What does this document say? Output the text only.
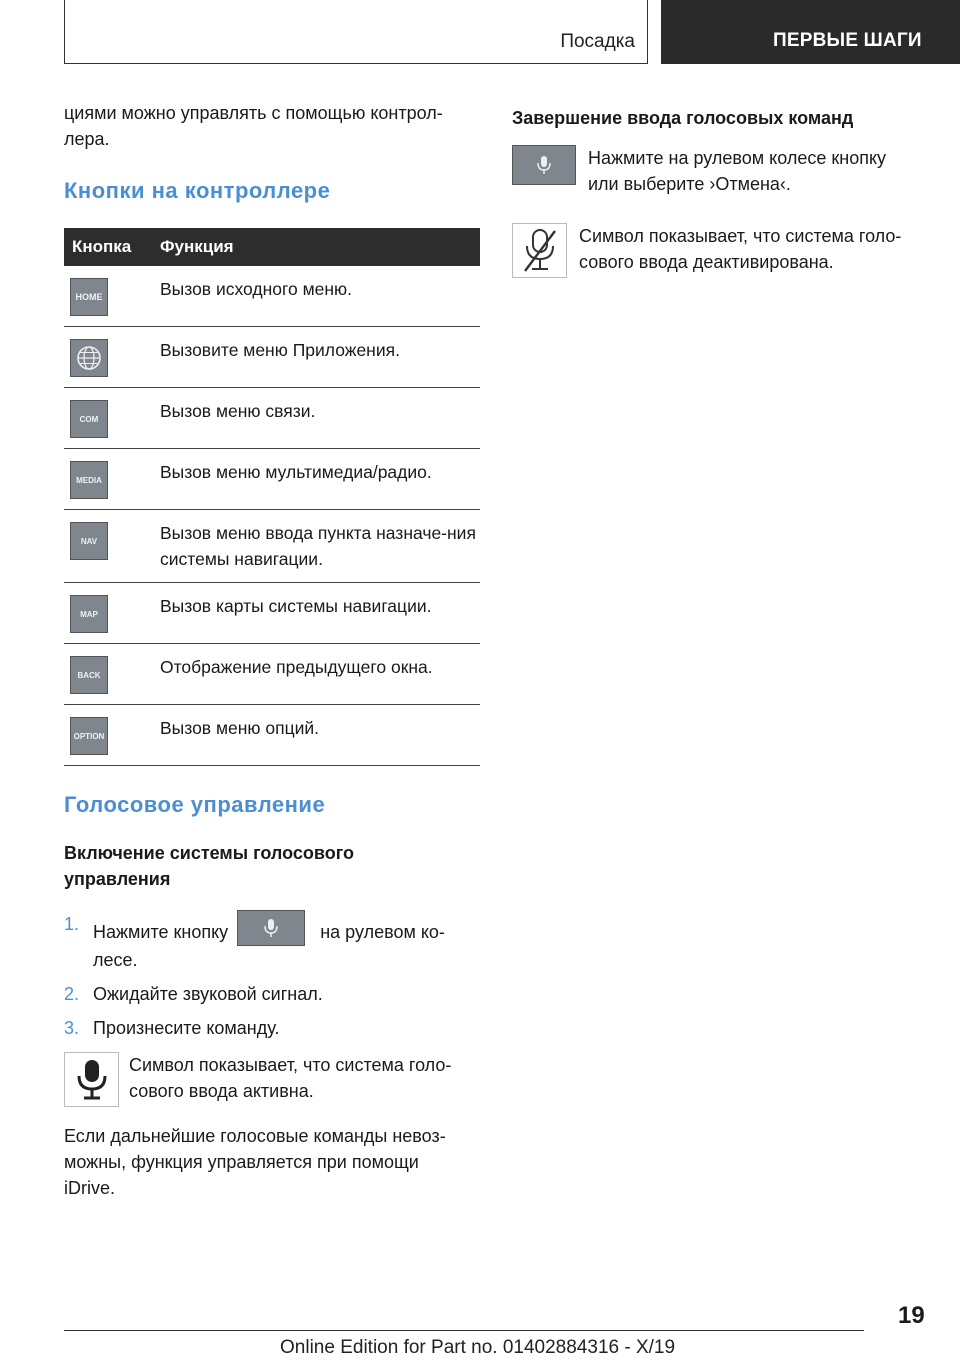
Посадка	ПЕРВЫЕ ШАГИ

циями можно управлять с помощью контрол-лера.

Кнопки на контроллере
Кнопка	Функция

HOME	Вызов исходного меню.

	Вызовите меню Приложения.

COM	Вызов меню связи.

MEDIA	Вызов меню мультимедиа/радио.

NAV	Вызов меню ввода пункта назначе-ния системы навигации.

MAP	Вызов карты системы навигации.

BACK	Отображение предыдущего окна.

OPTION	Вызов меню опций.
Голосовое управление
Включение системы голосового управления
1. Нажмите кнопку	на рулевом ко-лесе.
2. Ожидайте звуковой сигнал.
3. Произнесите команду.

Символ показывает, что система голо-сового ввода активна.

Если дальнейшие голосовые команды невоз-можны, функция управляется при помощи iDrive.

Завершение ввода голосовых команд

Нажмите на рулевом колесе кнопку или выберите ›Отмена‹.

Символ показывает, что система голо-сового ввода деактивирована.

19
Online Edition for Part no. 01402884316 - X/19
